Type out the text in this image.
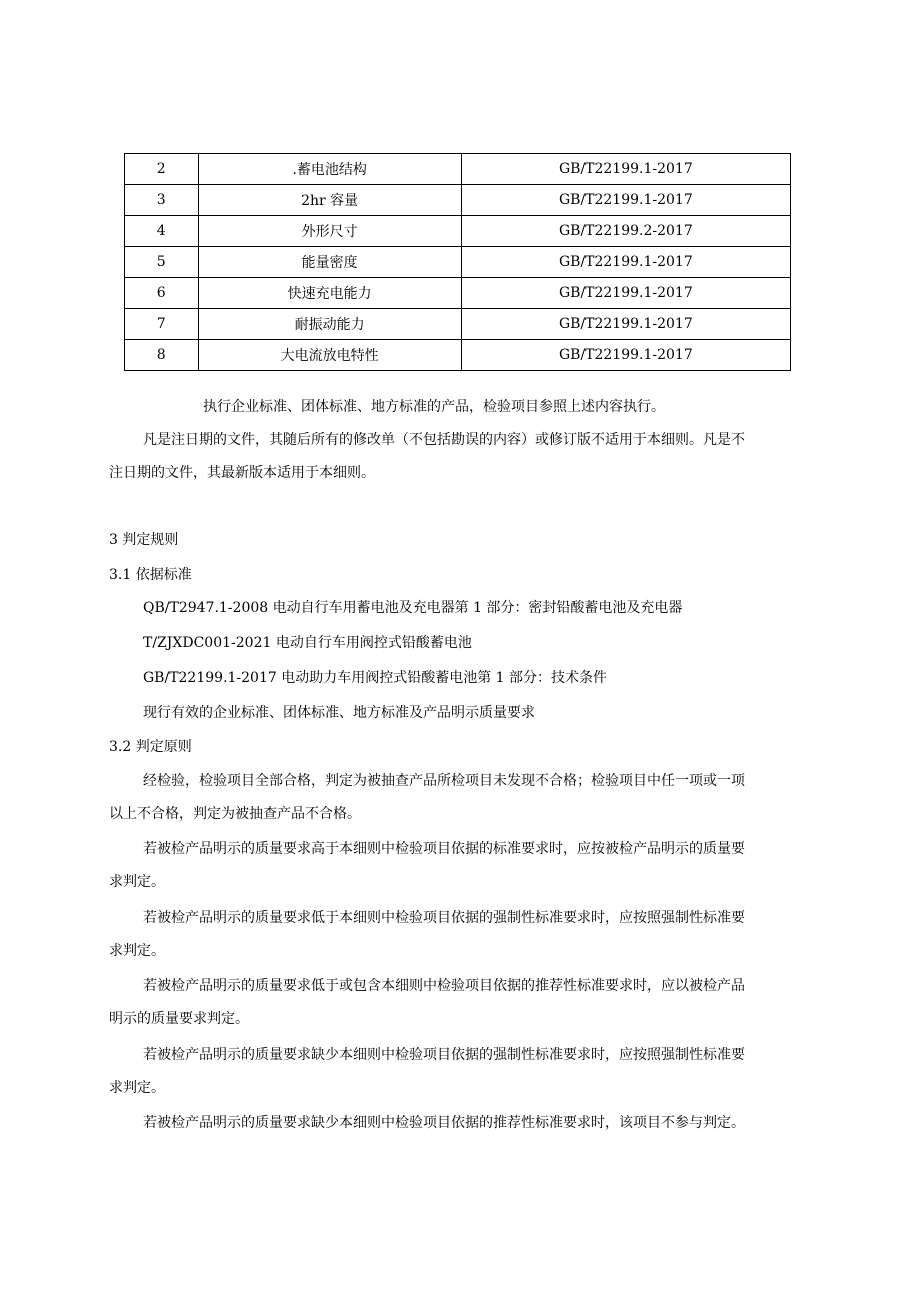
2	.蓄电池结构	GB/T22199.1-2017
3	2hr 容量	GB/T22199.1-2017
4	外形尺寸	GB/T22199.2-2017
5	能量密度	GB/T22199.1-2017
6	快速充电能力	GB/T22199.1-2017
7	耐振动能力	GB/T22199.1-2017
8	大电流放电特性	GB/T22199.1-2017
执行企业标准、团体标准、地方标准的产品，检验项目参照上述内容执行。
凡是注日期的文件，其随后所有的修改单（不包括勘误的内容）或修订版不适用于本细则。凡是不
注日期的文件，其最新版本适用于本细则。
3 判定规则
3.1 依据标准
QB/T2947.1-2008 电动自行车用蓄电池及充电器第 1 部分：密封铅酸蓄电池及充电器
T/ZJXDC001-2021 电动自行车用阀控式铅酸蓄电池
GB/T22199.1-2017 电动助力车用阀控式铅酸蓄电池第 1 部分：技术条件
现行有效的企业标准、团体标准、地方标准及产品明示质量要求
3.2 判定原则
经检验，检验项目全部合格，判定为被抽查产品所检项目未发现不合格；检验项目中任一项或一项
以上不合格，判定为被抽查产品不合格。
若被检产品明示的质量要求高于本细则中检验项目依据的标准要求时，应按被检产品明示的质量要
求判定。
若被检产品明示的质量要求低于本细则中检验项目依据的强制性标准要求时，应按照强制性标准要
求判定。
若被检产品明示的质量要求低于或包含本细则中检验项目依据的推荐性标准要求时，应以被检产品
明示的质量要求判定。
若被检产品明示的质量要求缺少本细则中检验项目依据的强制性标准要求时，应按照强制性标准要
求判定。
若被检产品明示的质量要求缺少本细则中检验项目依据的推荐性标准要求时，该项目不参与判定。
